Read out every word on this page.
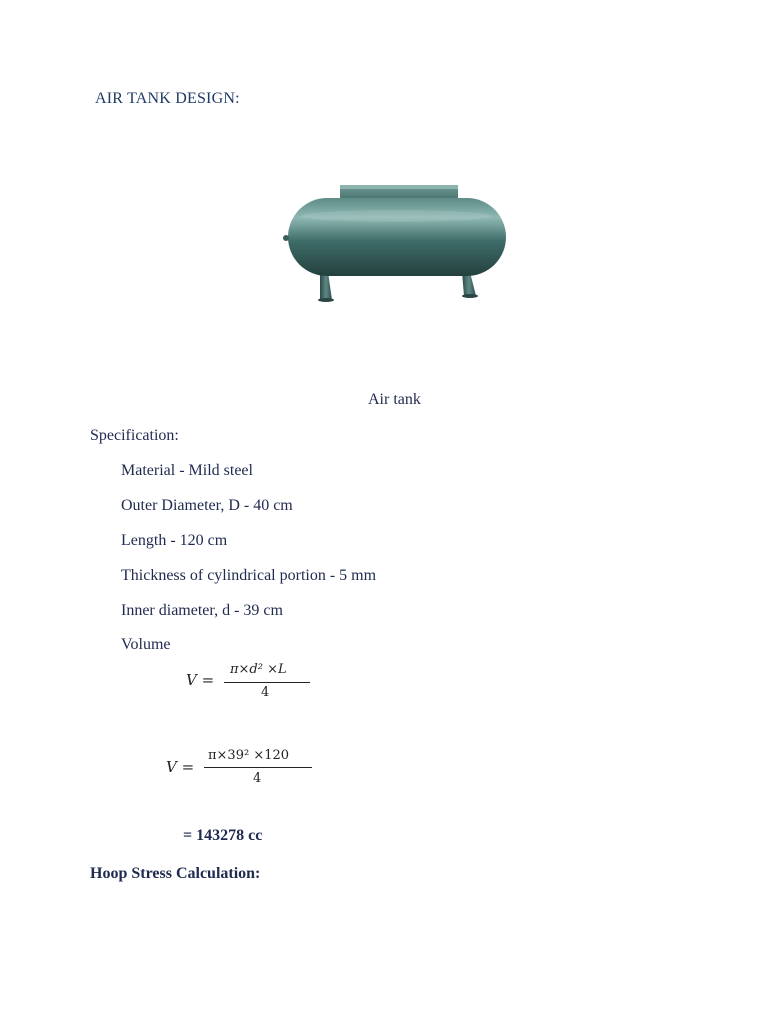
AIR TANK DESIGN:
Air tank
Specification:
Material - Mild steel
Outer Diameter, D - 40 cm
Length - 120 cm
Thickness of cylindrical portion - 5 mm
Inner diameter, d - 39 cm
Volume
V =
π×d² ×L
4
V =
π×39² ×120
4
= 143278 cc
Hoop Stress Calculation:
